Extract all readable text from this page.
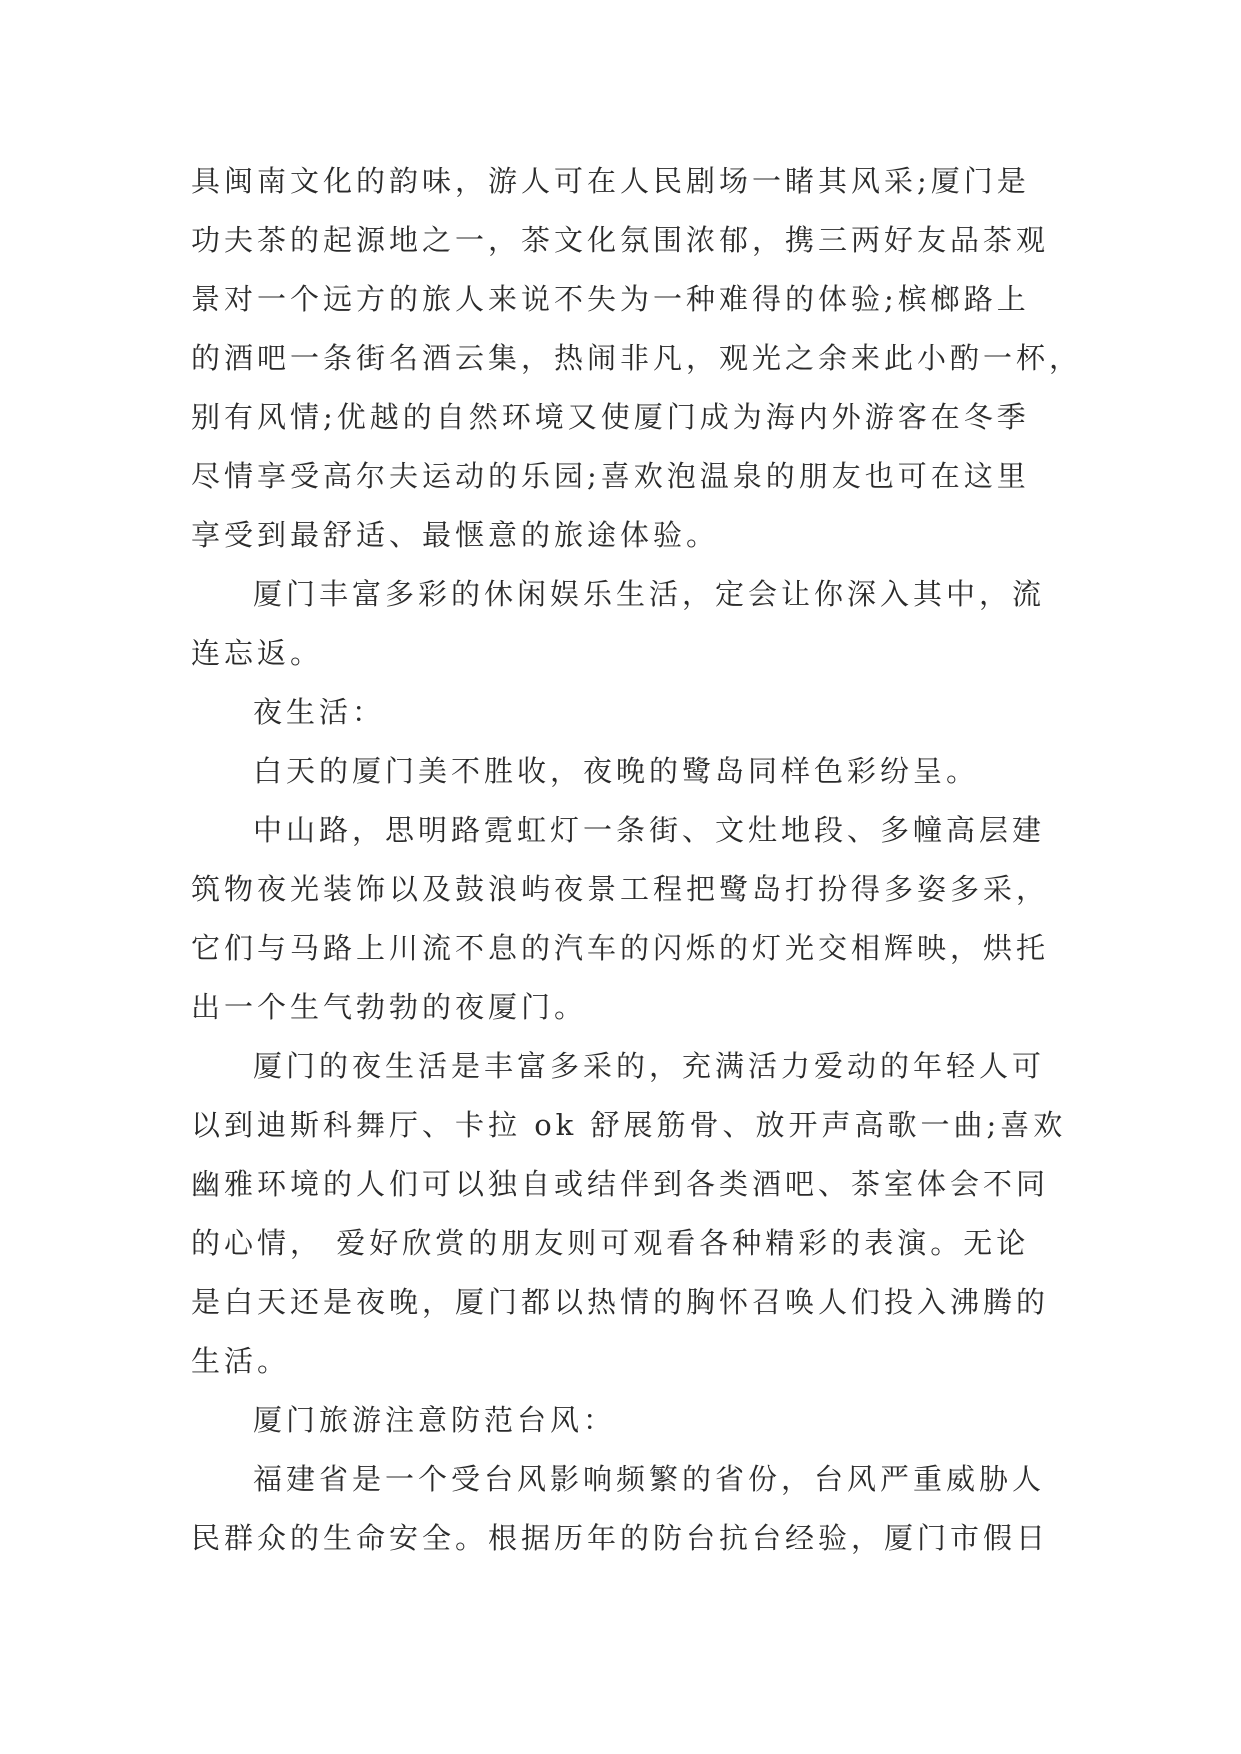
具闽南文化的韵味，游人可在人民剧场一睹其风采;厦门是
功夫茶的起源地之一，茶文化氛围浓郁，携三两好友品茶观
景对一个远方的旅人来说不失为一种难得的体验;槟榔路上
的酒吧一条街名酒云集，热闹非凡，观光之余来此小酌一杯，
别有风情;优越的自然环境又使厦门成为海内外游客在冬季
尽情享受高尔夫运动的乐园;喜欢泡温泉的朋友也可在这里
享受到最舒适、最惬意的旅途体验。
厦门丰富多彩的休闲娱乐生活，定会让你深入其中，流
连忘返。
夜生活：
白天的厦门美不胜收，夜晚的鹭岛同样色彩纷呈。
中山路，思明路霓虹灯一条街、文灶地段、多幢高层建
筑物夜光装饰以及鼓浪屿夜景工程把鹭岛打扮得多姿多采，
它们与马路上川流不息的汽车的闪烁的灯光交相辉映，烘托
出一个生气勃勃的夜厦门。
厦门的夜生活是丰富多采的，充满活力爱动的年轻人可
以到迪斯科舞厅、卡拉 ok 舒展筋骨、放开声高歌一曲;喜欢
幽雅环境的人们可以独自或结伴到各类酒吧、茶室体会不同
的心情， 爱好欣赏的朋友则可观看各种精彩的表演。无论
是白天还是夜晚，厦门都以热情的胸怀召唤人们投入沸腾的
生活。
厦门旅游注意防范台风：
福建省是一个受台风影响频繁的省份，台风严重威胁人
民群众的生命安全。根据历年的防台抗台经验，厦门市假日
